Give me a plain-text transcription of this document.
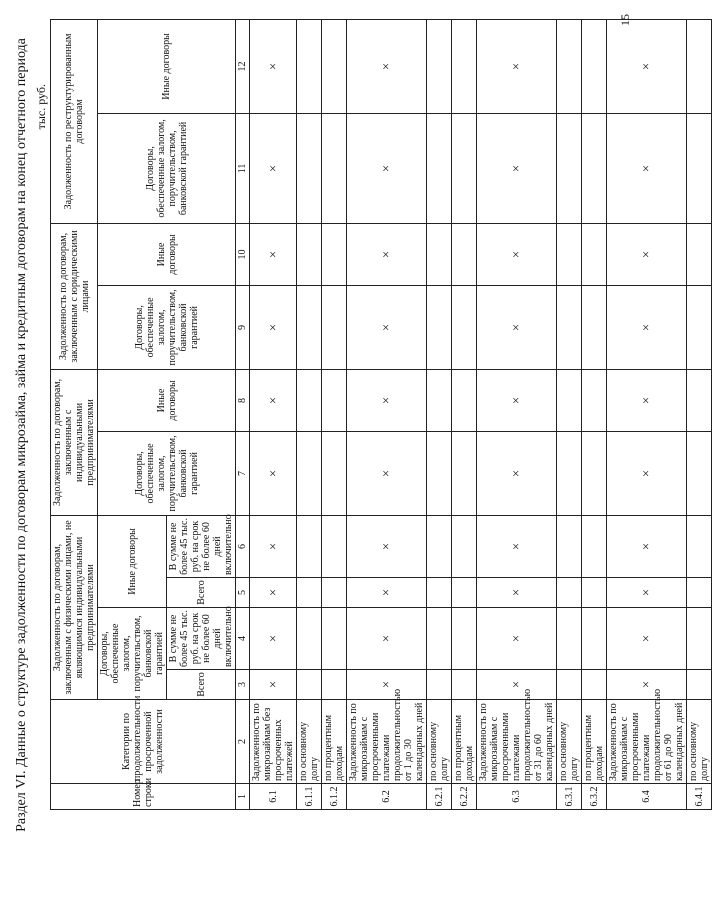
Раздел VI. Данные о структуре задолженности по договорам микрозайма, займа и кредитным договорам на конец отчетного периода тыс. руб.
Номер строки	Категории по продолжительности просроченной задолженности	Задолженность по договорам, заключенным с физическими лицами, не являющимися индивидуальными предпринимателями				Задолженность по договорам, заключенным с индивидуальными предпринимателями		Задолженность по договорам, заключенным с юридическими лицами		Задолженность по реструктурированным договорам	
		Договоры, обеспеченные залогом, поручительством, банковской гарантией		Иные договоры		Договоры, обеспеченные залогом, поручительством, банковской гарантией	Иные договоры	Договоры, обеспеченные залогом, поручительством, банковской гарантией	Иные договоры	Договоры, обеспеченные залогом, поручительством, банковской гарантией	Иные договоры
		Всего	В сумме не более 45 тыс. руб. на срок не более 60 дней включительно	Всего	В сумме не более 45 тыс. руб. на срок не более 60 дней включительно						
1	2	3	4	5	6	7	8	9	10	11	12
6.1	Задолженность по микрозаймам без просроченных платежей	×	×	×	×	×	×	×	×	×	×
6.1.1	по основному долгу										
6.1.2	по процентным доходам										
6.2	Задолженность по микрозаймам с просроченными платежами продолжительностью от 1 до 30 календарных дней	×	×	×	×	×	×	×	×	×	×
6.2.1	по основному долгу										
6.2.2	по процентным доходам										
6.3	Задолженность по микрозаймам с просроченными платежами продолжительностью от 31 до 60 календарных дней	×	×	×	×	×	×	×	×	×	×
6.3.1	по основному долгу										
6.3.2	по процентным доходам										
6.4	Задолженность по микрозаймам с просроченными платежами продолжительностью от 61 до 90 календарных дней	×	×	×	×	×	×	×	×	×	×
6.4.1	по основному долгу										
15
